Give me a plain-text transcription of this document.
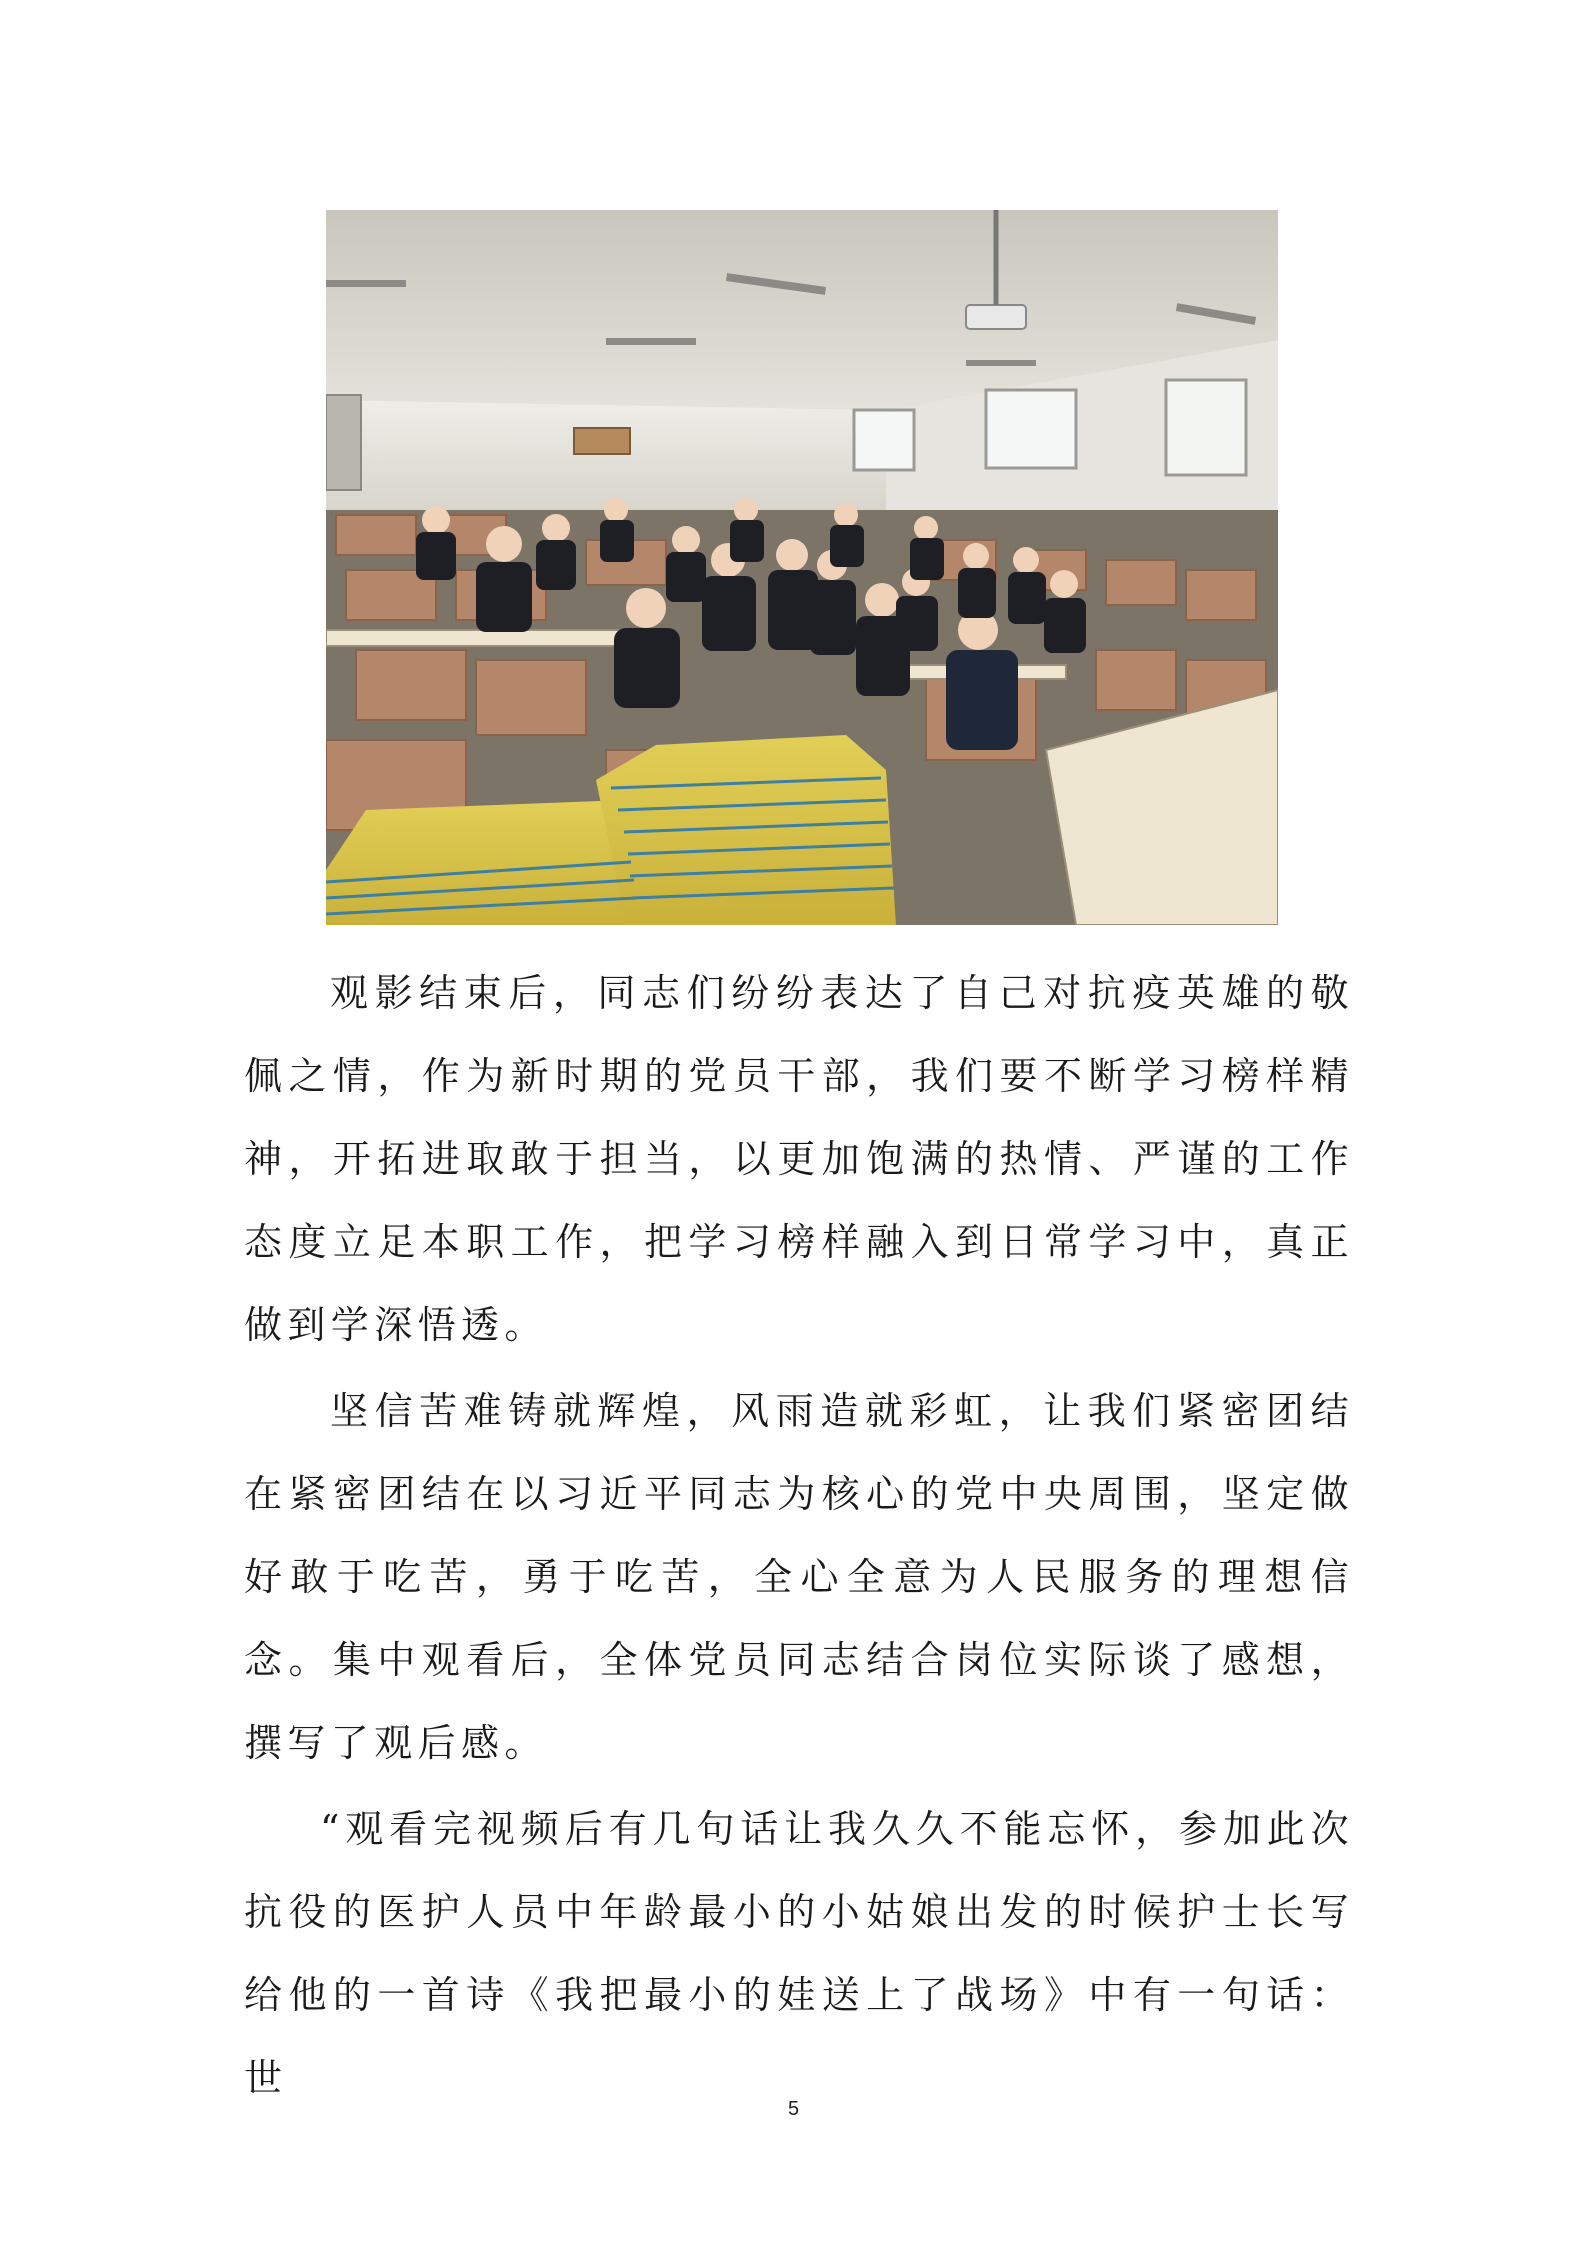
观影结束后，同志们纷纷表达了自己对抗疫英雄的敬佩之情，作为新时期的党员干部，我们要不断学习榜样精神，开拓进取敢于担当，以更加饱满的热情、严谨的工作态度立足本职工作，把学习榜样融入到日常学习中，真正做到学深悟透。

坚信苦难铸就辉煌，风雨造就彩虹，让我们紧密团结在紧密团结在以习近平同志为核心的党中央周围，坚定做好敢于吃苦，勇于吃苦，全心全意为人民服务的理想信念。集中观看后，全体党员同志结合岗位实际谈了感想，撰写了观后感。

“观看完视频后有几句话让我久久不能忘怀，参加此次抗役的医护人员中年龄最小的小姑娘出发的时候护士长写给他的一首诗《我把最小的娃送上了战场》中有一句话：世

5
